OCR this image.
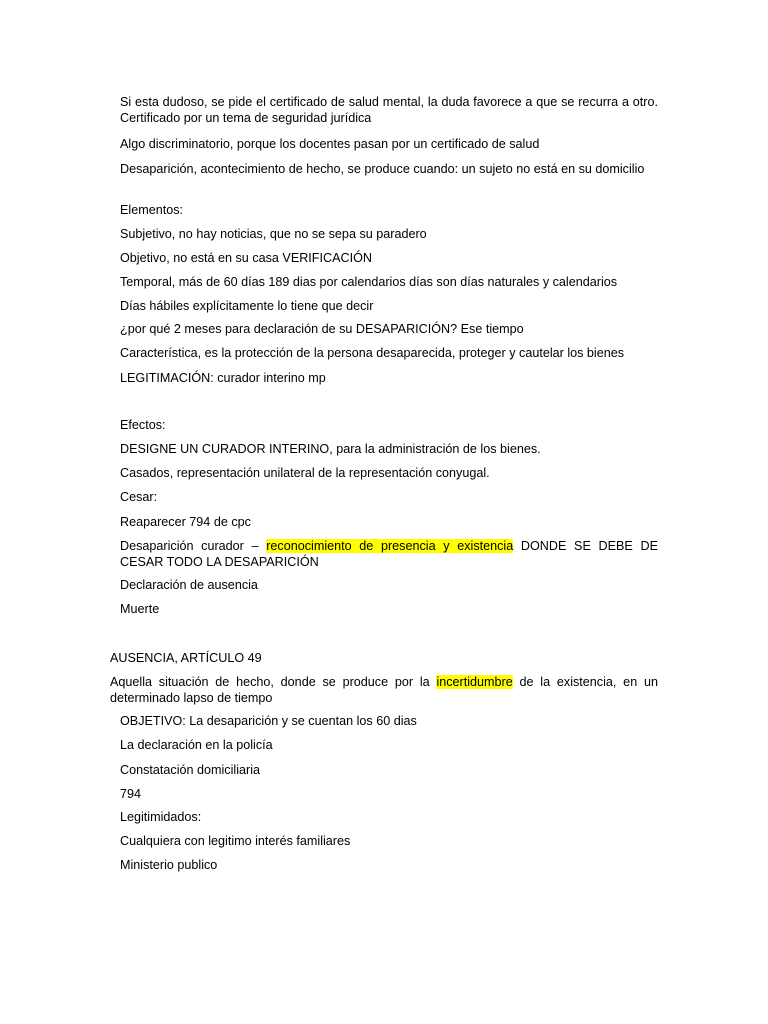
Si esta dudoso, se pide el certificado de salud mental, la duda favorece a que se recurra a otro. Certificado por un tema de seguridad jurídica

Algo discriminatorio, porque los docentes pasan por un certificado de salud

Desaparición, acontecimiento de hecho, se produce cuando: un sujeto no está en su domicilio

Elementos:

Subjetivo, no hay noticias, que no se sepa su paradero

Objetivo, no está en su casa VERIFICACIÓN

Temporal, más de 60 días 189 dias por calendarios días son días naturales y calendarios

Días hábiles explícitamente lo tiene que decir

¿por qué 2 meses para declaración de su DESAPARICIÓN? Ese tiempo

Característica, es la protección de la persona desaparecida, proteger y cautelar los bienes

LEGITIMACIÓN: curador interino mp

Efectos:

DESIGNE UN CURADOR INTERINO, para la administración de los bienes.

Casados, representación unilateral de la representación conyugal.

Cesar:

Reaparecer 794 de cpc

Desaparición curador – reconocimiento de presencia y existencia DONDE SE DEBE DE CESAR TODO LA DESAPARICIÓN

Declaración de ausencia

Muerte

AUSENCIA, ARTÍCULO 49

Aquella situación de hecho, donde se produce por la incertidumbre de la existencia, en un determinado lapso de tiempo

OBJETIVO: La desaparición y se cuentan los 60 dias

La declaración en la policía

Constatación domiciliaria

794

Legitimidados:

Cualquiera con legitimo interés familiares

Ministerio publico
